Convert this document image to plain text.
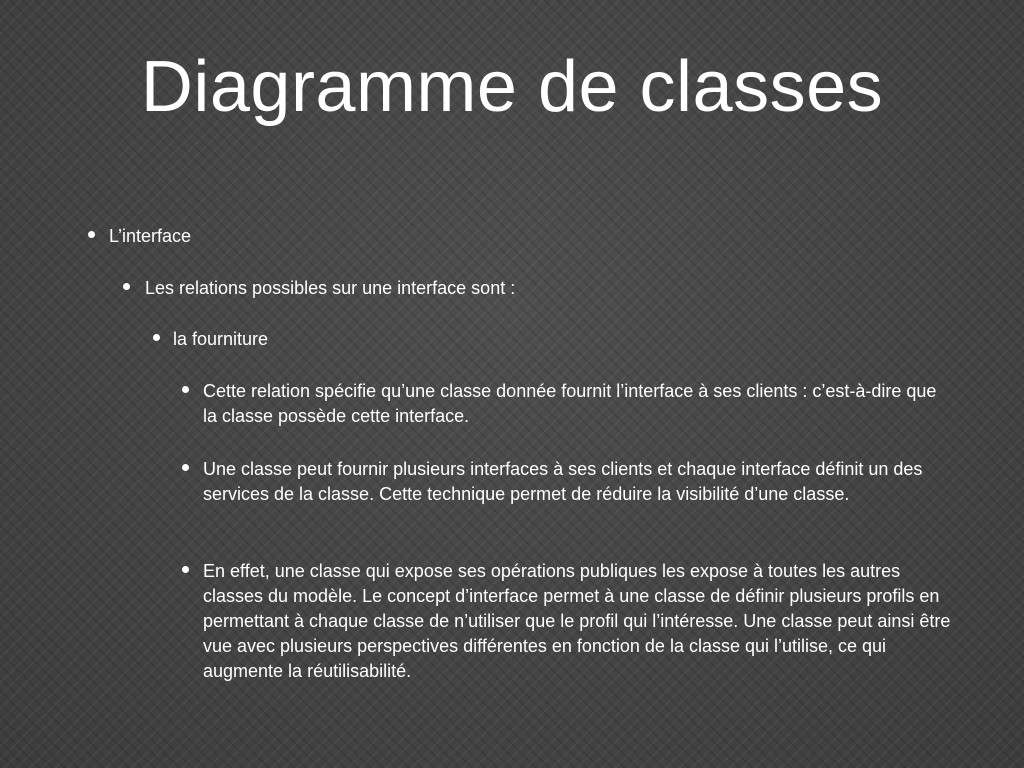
Diagramme de classes

L’interface

Les relations possibles sur une interface sont :

la fourniture

Cette relation spécifie qu’une classe donnée fournit l’interface à ses clients : c’est-à-dire que la classe possède cette interface.

Une classe peut fournir plusieurs interfaces à ses clients et chaque interface définit un des services de la classe. Cette technique permet de réduire la visibilité d’une classe.

En effet, une classe qui expose ses opérations publiques les expose à toutes les autres classes du modèle. Le concept d’interface permet à une classe de définir plusieurs profils en permettant à chaque classe de n’utiliser que le profil qui l’intéresse. Une classe peut ainsi être vue avec plusieurs perspectives différentes en fonction de la classe qui l’utilise, ce qui augmente la réutilisabilité.
